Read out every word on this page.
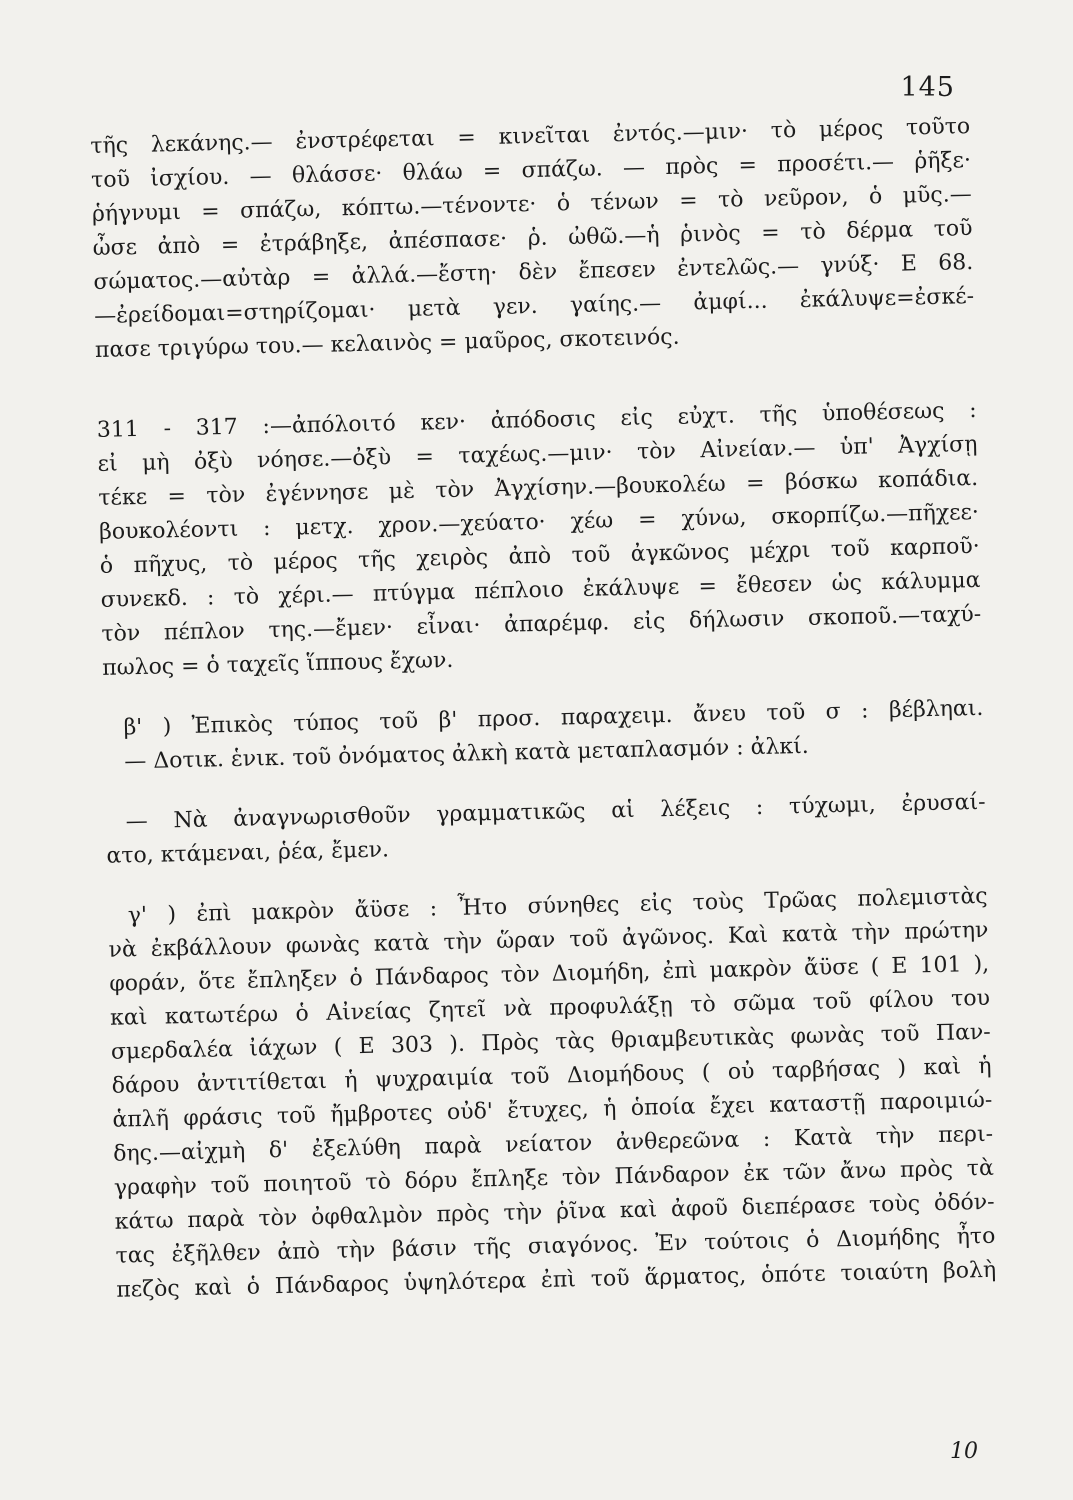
145
τῆς λεκάνης.— ἐνστρέφεται = κινεῖται ἐντός.—μιν· τὸ μέρος τοῦτο
τοῦ ἰσχίου. — θλάσσε· θλάω = σπάζω. — πρὸς = προσέτι.— ῥῆξε·
ῥήγνυμι = σπάζω, κόπτω.—τένοντε· ὁ τένων = τὸ νεῦρον, ὁ μῦς.—
ὦσε ἀπὸ = ἐτράβηξε, ἀπέσπασε· ῥ. ὠθῶ.—ἡ ῥινὸς = τὸ δέρμα τοῦ
σώματος.—αὐτὰρ = ἀλλά.—ἔστη· δὲν ἔπεσεν ἐντελῶς.— γνύξ· Ε 68.
—ἐρείδομαι=στηρίζομαι· μετὰ γεν. γαίης.— ἀμφί... ἐκάλυψε=ἐσκέ-
πασε τριγύρω του.— κελαινὸς = μαῦρος, σκοτεινός.
311 - 317 :—ἀπόλοιτό κεν· ἀπόδοσις εἰς εὐχτ. τῆς ὑποθέσεως :
εἰ μὴ ὀξὺ νόησε.—ὀξὺ = ταχέως.—μιν· τὸν Αἰνείαν.— ὑπ' Ἀγχίσῃ
τέκε = τὸν ἐγέννησε μὲ τὸν Ἀγχίσην.—βουκολέω = βόσκω κοπάδια.
βουκολέοντι : μετχ. χρον.—χεύατο· χέω = χύνω, σκορπίζω.—πῆχεε·
ὁ πῆχυς, τὸ μέρος τῆς χειρὸς ἀπὸ τοῦ ἀγκῶνος μέχρι τοῦ καρποῦ·
συνεκδ. : τὸ χέρι.— πτύγμα πέπλοιο ἐκάλυψε = ἔθεσεν ὡς κάλυμμα
τὸν πέπλον της.—ἔμεν· εἶναι· ἀπαρέμφ. εἰς δήλωσιν σκοποῦ.—ταχύ-
πωλος = ὁ ταχεῖς ἵππους ἔχων.
β' ) Ἐπικὸς τύπος τοῦ β' προσ. παραχειμ. ἄνευ τοῦ σ : βέβληαι.
— Δοτικ. ἑνικ. τοῦ ὀνόματος ἀλκὴ κατὰ μεταπλασμόν : ἀλκί.
— Νὰ ἀναγνωρισθοῦν γραμματικῶς αἱ λέξεις : τύχωμι, ἐρυσαί-
ατο, κτάμεναι, ῥέα, ἔμεν.
γ' ) ἐπὶ μακρὸν ἄϋσε : Ἦτο σύνηθες εἰς τοὺς Τρῶας πολεμιστὰς
νὰ ἐκβάλλουν φωνὰς κατὰ τὴν ὥραν τοῦ ἀγῶνος. Καὶ κατὰ τὴν πρώτην
φοράν, ὅτε ἔπληξεν ὁ Πάνδαρος τὸν Διομήδη, ἐπὶ μακρὸν ἄϋσε ( Ε 101 ),
καὶ κατωτέρω ὁ Αἰνείας ζητεῖ νὰ προφυλάξῃ τὸ σῶμα τοῦ φίλου του
σμερδαλέα ἰάχων ( Ε 303 ). Πρὸς τὰς θριαμβευτικὰς φωνὰς τοῦ Παν-
δάρου ἀντιτίθεται ἡ ψυχραιμία τοῦ Διομήδους ( οὐ ταρβήσας ) καὶ ἡ
ἁπλῆ φράσις τοῦ ἤμβροτες οὐδ' ἔτυχες, ἡ ὁποία ἔχει καταστῇ παροιμιώ-
δης.—αἰχμὴ δ' ἐξελύθη παρὰ νείατον ἀνθερεῶνα : Κατὰ τὴν περι-
γραφὴν τοῦ ποιητοῦ τὸ δόρυ ἔπληξε τὸν Πάνδαρον ἐκ τῶν ἄνω πρὸς τὰ
κάτω παρὰ τὸν ὀφθαλμὸν πρὸς τὴν ῥῖνα καὶ ἀφοῦ διεπέρασε τοὺς ὀδόν-
τας ἐξῆλθεν ἀπὸ τὴν βάσιν τῆς σιαγόνος. Ἐν τούτοις ὁ Διομήδης ἦτο
πεζὸς καὶ ὁ Πάνδαρος ὑψηλότερα ἐπὶ τοῦ ἅρματος, ὁπότε τοιαύτη βολὴ
10
